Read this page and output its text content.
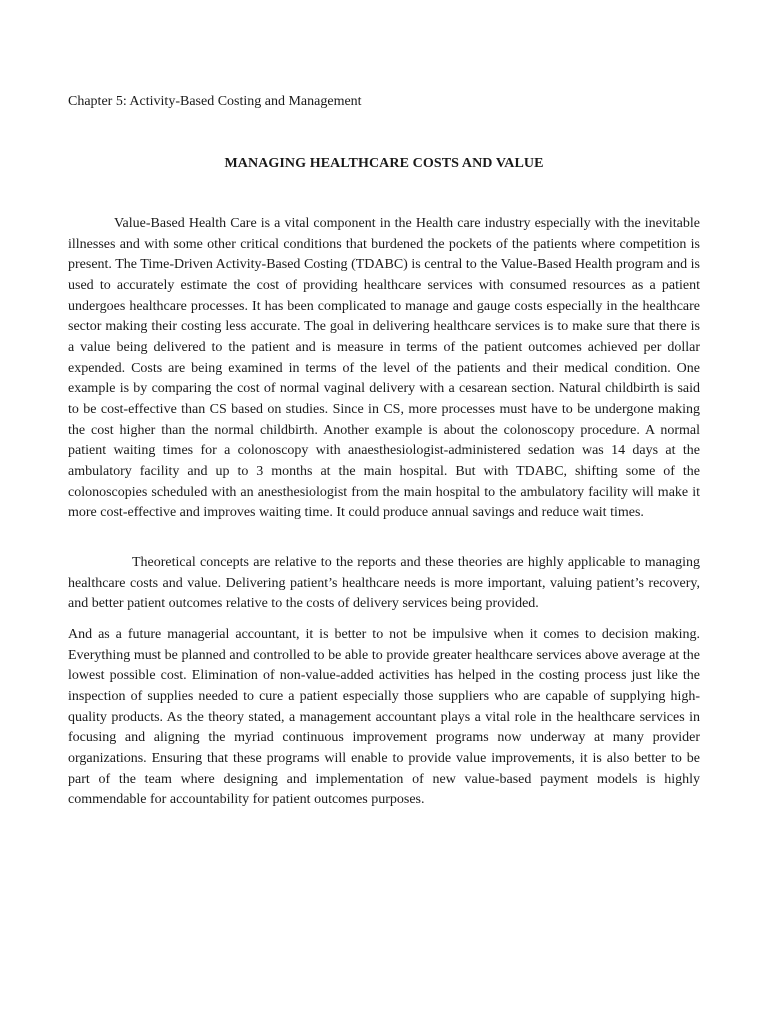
Chapter 5: Activity-Based Costing and Management
MANAGING HEALTHCARE COSTS AND VALUE

Value-Based Health Care is a vital component in the Health care industry especially with the inevitable illnesses and with some other critical conditions that burdened the pockets of the patients where competition is present. The Time-Driven Activity-Based Costing (TDABC) is central to the Value-Based Health program and is used to accurately estimate the cost of providing healthcare services with consumed resources as a patient undergoes healthcare processes. It has been complicated to manage and gauge costs especially in the healthcare sector making their costing less accurate. The goal in delivering healthcare services is to make sure that there is a value being delivered to the patient and is measure in terms of the patient outcomes achieved per dollar expended. Costs are being examined in terms of the level of the patients and their medical condition. One example is by comparing the cost of normal vaginal delivery with a cesarean section. Natural childbirth is said to be cost-effective than CS based on studies. Since in CS, more processes must have to be undergone making the cost higher than the normal childbirth. Another example is about the colonoscopy procedure. A normal patient waiting times for a colonoscopy with anaesthesiologist-administered sedation was 14 days at the ambulatory facility and up to 3 months at the main hospital. But with TDABC, shifting some of the colonoscopies scheduled with an anesthesiologist from the main hospital to the ambulatory facility will make it more cost-effective and improves waiting time. It could produce annual savings and reduce wait times.

Theoretical concepts are relative to the reports and these theories are highly applicable to managing healthcare costs and value. Delivering patient’s healthcare needs is more important, valuing patient’s recovery, and better patient outcomes relative to the costs of delivery services being provided.

And as a future managerial accountant, it is better to not be impulsive when it comes to decision making. Everything must be planned and controlled to be able to provide greater healthcare services above average at the lowest possible cost. Elimination of non-value-added activities has helped in the costing process just like the inspection of supplies needed to cure a patient especially those suppliers who are capable of supplying high-quality products. As the theory stated, a management accountant plays a vital role in the healthcare services in focusing and aligning the myriad continuous improvement programs now underway at many provider organizations. Ensuring that these programs will enable to provide value improvements, it is also better to be part of the team where designing and implementation of new value-based payment models is highly commendable for accountability for patient outcomes purposes.
